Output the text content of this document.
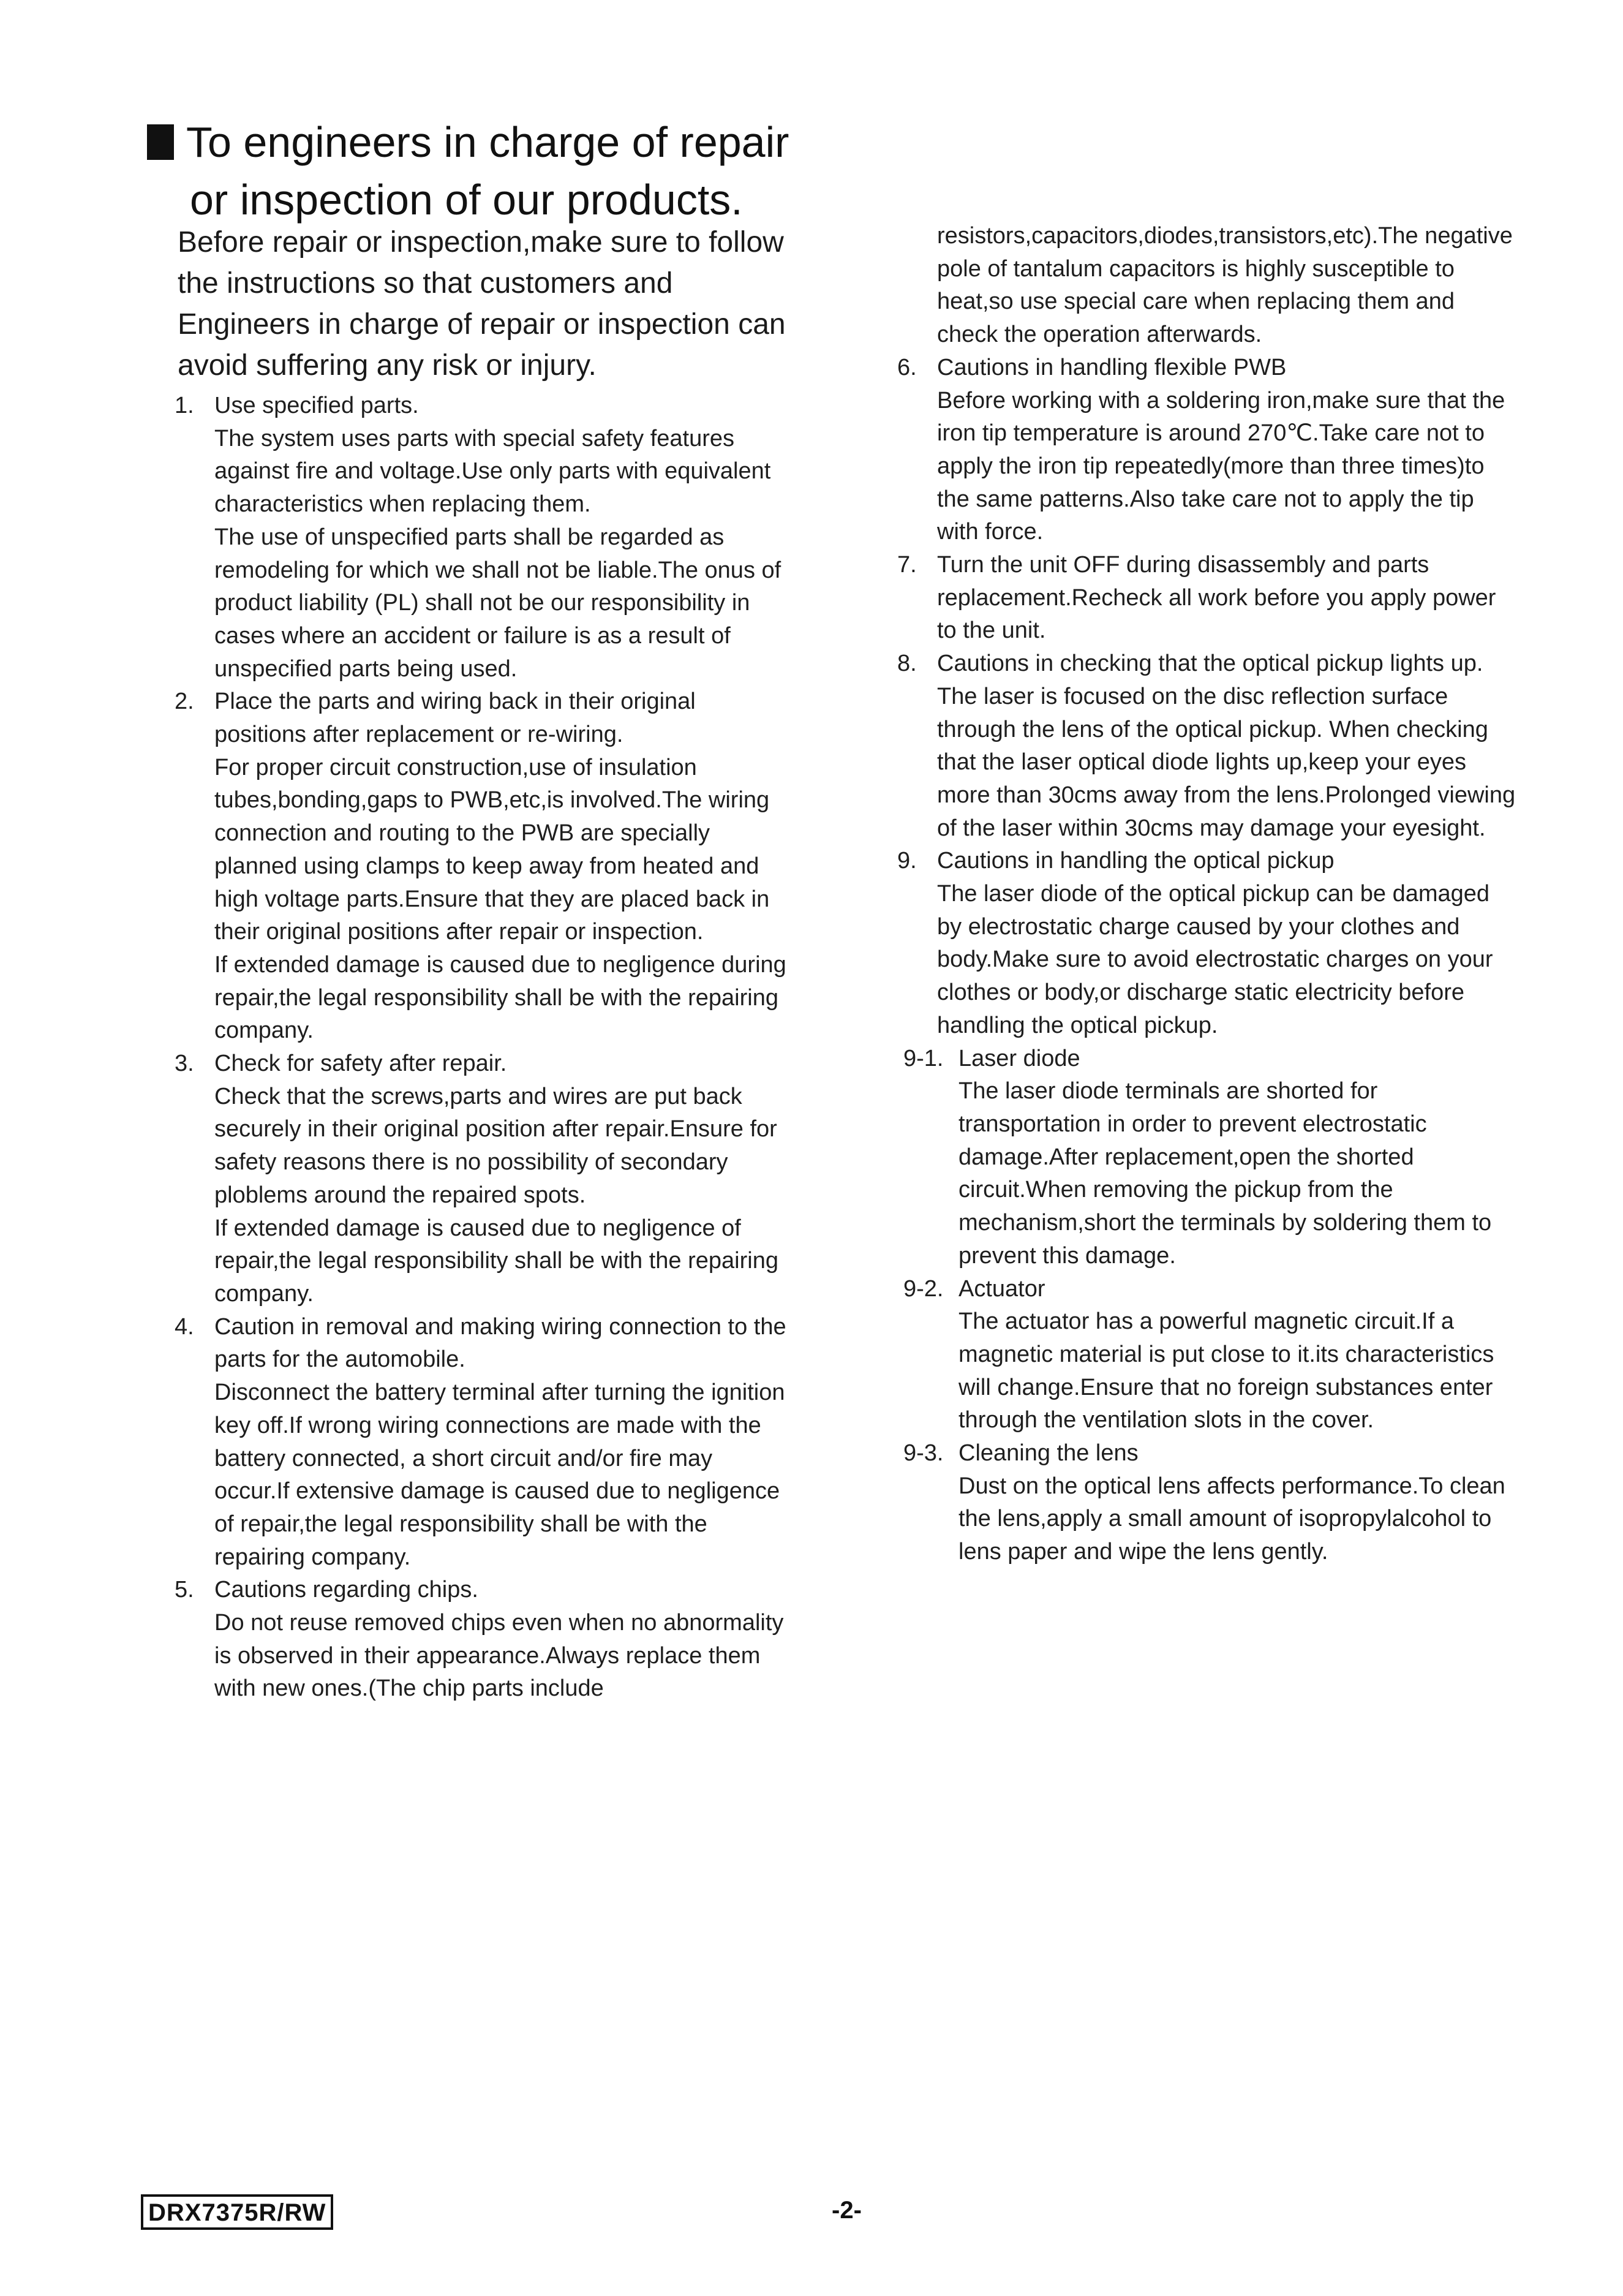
To engineers in charge of repair
or inspection of our products.
Before repair or inspection,make sure to follow the instructions so that customers and Engineers in charge of repair or inspection can avoid suffering any risk or injury.
1. Use specified parts.

The system uses parts with special safety features against fire and voltage.Use only parts with equivalent characteristics when replacing them.

The use of unspecified parts shall be regarded as remodeling for which we shall not be liable.The onus of product liability (PL) shall not be our responsibility in cases where an accident or failure is as a result of unspecified parts being used.

2. Place the parts and wiring back in their original positions after replacement or re-wiring.

For proper circuit construction,use of insulation tubes,bonding,gaps to PWB,etc,is involved.The wiring connection and routing to the PWB are specially planned using clamps to keep away from heated and high voltage parts.Ensure that they are placed back in their original positions after repair or inspection.

If extended damage is caused due to negligence during repair,the legal responsibility shall be with the repairing company.

3. Check for safety after repair.

Check that the screws,parts and wires are put back securely in their original position after repair.Ensure for safety reasons there is no possibility of secondary ploblems around the repaired spots.

If extended damage is caused due to negligence of repair,the legal responsibility shall be with the repairing company.

4. Caution in removal and making wiring connection to the parts for the automobile.

Disconnect the battery terminal after turning the ignition key off.If wrong wiring connections are made with the battery connected, a short circuit and/or fire may occur.If extensive damage is caused due to negligence of repair,the legal responsibility shall be with the repairing company.

5. Cautions regarding chips.

Do not reuse removed chips even when no abnormality is observed in their appearance.Always replace them with new ones.(The chip parts include

resistors,capacitors,diodes,transistors,etc).The negative pole of tantalum capacitors is highly susceptible to heat,so use special care when replacing them and check the operation afterwards.

6. Cautions in handling flexible PWB

Before working with a soldering iron,make sure that the iron tip temperature is around 270℃.Take care not to apply the iron tip repeatedly(more than three times)to the same patterns.Also take care not to apply the tip with force.

7. Turn the unit OFF during disassembly and parts replacement.Recheck all work before you apply power to the unit.

8. Cautions in checking that the optical pickup lights up.

The laser is focused on the disc reflection surface through the lens of the optical pickup. When checking that the laser optical diode lights up,keep your eyes more than 30cms away from the lens.Prolonged viewing of the laser within 30cms may damage your eyesight.

9. Cautions in handling the optical pickup

The laser diode of the optical pickup can be damaged by electrostatic charge caused by your clothes and body.Make sure to avoid electrostatic charges on your clothes or body,or discharge static electricity before handling the optical pickup.

9-1. Laser diode

The laser diode terminals are shorted for transportation in order to prevent electrostatic damage.After replacement,open the shorted circuit.When removing the pickup from the mechanism,short the terminals by soldering them to prevent this damage.

9-2. Actuator

The actuator has a powerful magnetic circuit.If a magnetic material is put close to it.its characteristics will change.Ensure that no foreign substances enter through the ventilation slots in the cover.

9-3. Cleaning the lens

Dust on the optical lens affects performance.To clean the lens,apply a small amount of isopropylalcohol to lens paper and wipe the lens gently.

DRX7375R/RW	-2-
